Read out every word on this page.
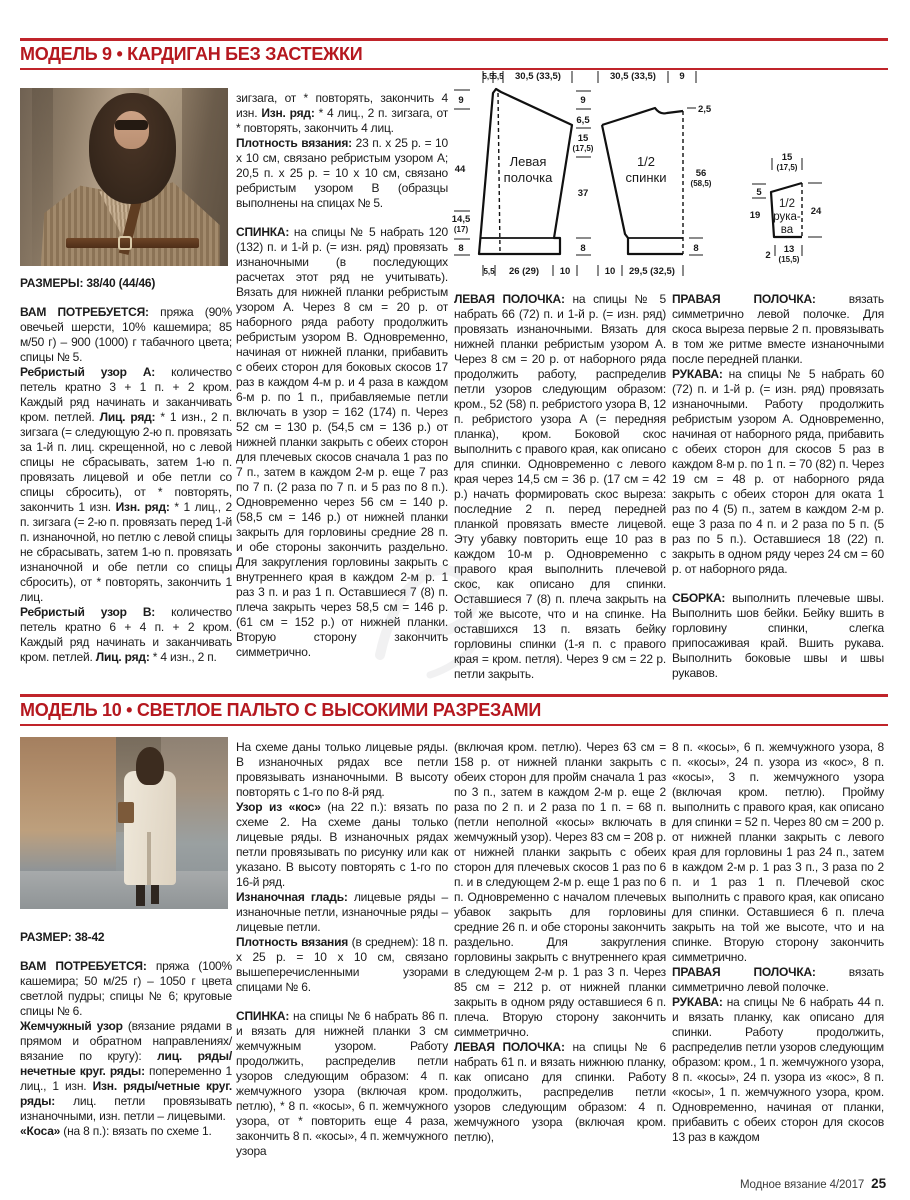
МОДЕЛЬ 9 • КАРДИГАН БЕЗ ЗАСТЕЖКИ

РАЗМЕРЫ: 38/40 (44/46)

ВАМ ПОТРЕБУЕТСЯ: пряжа (90% овечьей шерсти, 10% кашемира; 85 м/50 г) – 900 (1000) г табачного цвета; спицы № 5.

Ребристый узор А: количество петель кратно 3 + 1 п. + 2 кром. Каждый ряд начинать и заканчивать кром. петлей. Лиц. ряд: * 1 изн., 2 п. зигзага (= следующую 2-ю п. провязать за 1-й п. лиц. скрещенной, но с левой спицы не сбрасывать, затем 1-ю п. провязать лицевой и обе петли со спицы сбросить), от * повторять, закончить 1 изн. Изн. ряд: * 1 лиц., 2 п. зигзага (= 2-ю п. провязать перед 1-й п. изнаночной, но петлю с левой спицы не сбрасывать, затем 1-ю п. провязать изнаночной и обе петли со спицы сбросить), от * повторять, закончить 1 лиц.

Ребристый узор В: количество петель кратно 6 + 4 п. + 2 кром. Каждый ряд начинать и заканчивать кром. петлей. Лиц. ряд: * 4 изн., 2 п.

зигзага, от * повторять, закончить 4 изн. Изн. ряд: * 4 лиц., 2 п. зигзага, от * повторять, закончить 4 лиц.

Плотность вязания: 23 п. х 25 р. = 10 х 10 см, связано ребристым узором А; 20,5 п. х 25 р. = 10 х 10 см, связано ребристым узором В (образцы выполнены на спицах № 5.

СПИНКА: на спицы № 5 набрать 120 (132) п. и 1-й р. (= изн. ряд) провязать изнаночными (в последующих расчетах этот ряд не учитывать). Вязать для нижней планки ребристым узором А. Через 8 см = 20 р. от наборного ряда работу продолжить ребристым узором В. Одновременно, начиная от нижней планки, прибавить с обеих сторон для боковых скосов 17 раз в каждом 4-м р. и 4 раза в каждом 6-м р. по 1 п., прибавляемые петли включать в узор = 162 (174) п. Через 52 см = 130 р. (54,5 см = 136 р.) от нижней планки закрыть с обеих сторон для плечевых скосов сначала 1 раз по 7 п., затем в каждом 2-м р. еще 7 раз по 7 п. (2 раза по 7 п. и 5 раз по 8 п.). Одновременно через 56 см = 140 р. (58,5 см = 146 р.) от нижней планки закрыть для горловины средние 28 п. и обе стороны закончить раздельно. Для закругления горловины закрыть с внутреннего края в каждом 2-м р. 1 раз 3 п. и раз 1 п. Оставшиеся 7 (8) п. плеча закрыть через 58,5 см = 146 р. (61 см = 152 р.) от нижней планки. Вторую сторону закончить симметрично.

ЛЕВАЯ ПОЛОЧКА: на спицы № 5 набрать 66 (72) п. и 1-й р. (= изн. ряд) провязать изнаночными. Вязать для нижней планки ребристым узором А. Через 8 см = 20 р. от наборного ряда продолжить работу, распределив петли узоров следующим образом: кром., 52 (58) п. ребристого узора В, 12 п. ребристого узора А (= передняя планка), кром. Боковой скос выполнить с правого края, как описано для спинки. Одновременно с левого края через 14,5 см = 36 р. (17 см = 42 р.) начать формировать скос выреза: последние 2 п. перед передней планкой провязать вместе лицевой. Эту убавку повторить еще 10 раз в каждом 10-м р. Одновременно с правого края выполнить плечевой скос, как описано для спинки. Оставшиеся 7 (8) п. плеча закрыть на той же высоте, что и на спинке. На оставшихся 13 п. вязать бейку горловины спинки (1-я п. с правого края = кром. петля). Через 9 см = 22 р. петли закрыть.

ПРАВАЯ ПОЛОЧКА: вязать симметрично левой полочке. Для скоса выреза первые 2 п. провязывать в том же ритме вместе изнаночными после передней планки.

РУКАВА: на спицы № 5 набрать 60 (72) п. и 1-й р. (= изн. ряд) провязать изнаночными. Работу продолжить ребристым узором А. Одновременно, начиная от наборного ряда, прибавить с обеих сторон для скосов 5 раз в каждом 8-м р. по 1 п. = 70 (82) п. Через 19 см = 48 р. от наборного ряда закрыть с обеих сторон для оката 1 раз по 4 (5) п., затем в каждом 2-м р. еще 3 раза по 4 п. и 2 раза по 5 п. (5 раз по 5 п.). Оставшиеся 18 (22) п. закрыть в одном ряду через 24 см = 60 р. от наборного ряда.

СБОРКА: выполнить плечевые швы. Выполнить шов бейки. Бейку вшить в горловину спинки, слегка припосаживая край. Вшить рукава. Выполнить боковые швы и швы рукавов.

Левая
полочка
1/2
спинки
1/2
рука-
ва
5,5
5,5 30,5 (33,5)	30,5 (33,5) 9
9
44
14,5
(17)
8
9
6,5
15
(17,5)
37
8
2,5
56
(58,5)
8
5,5 26 (29) 10	10 29,5 (32,5)
15
(17,5)
5
19	24
2
13
(15,5)
МОДЕЛЬ 10 • СВЕТЛОЕ ПАЛЬТО С ВЫСОКИМИ РАЗРЕЗАМИ

РАЗМЕР: 38-42

ВАМ ПОТРЕБУЕТСЯ: пряжа (100% кашемира; 50 м/25 г) – 1050 г цвета светлой пудры; спицы № 6; круговые спицы № 6.

Жемчужный узор (вязание рядами в прямом и обратном направлениях/вязание по кругу): лиц. ряды/нечетные круг. ряды: попеременно 1 лиц., 1 изн. Изн. ряды/четные круг. ряды: лиц. петли провязывать изнаночными, изн. петли – лицевыми.

«Коса» (на 8 п.): вязать по схеме 1.

На схеме даны только лицевые ряды. В изнаночных рядах все петли провязывать изнаночными. В высоту повторять с 1-го по 8-й ряд.

Узор из «кос» (на 22 п.): вязать по схеме 2. На схеме даны только лицевые ряды. В изнаночных рядах петли провязывать по рисунку или как указано. В высоту повторять с 1-го по 16-й ряд.

Изнаночная гладь: лицевые ряды – изнаночные петли, изнаночные ряды – лицевые петли.

Плотность вязания (в среднем): 18 п. х 25 р. = 10 х 10 см, связано вышеперечисленными узорами спицами № 6.

СПИНКА: на спицы № 6 набрать 86 п. и вязать для нижней планки 3 см жемчужным узором. Работу продолжить, распределив петли узоров следующим образом: 4 п. жемчужного узора (включая кром. петлю), * 8 п. «косы», 6 п. жемчужного узора, от * повторить еще 4 раза, закончить 8 п. «косы», 4 п. жемчужного узора

(включая кром. петлю). Через 63 см = 158 р. от нижней планки закрыть с обеих сторон для пройм сначала 1 раз по 3 п., затем в каждом 2-м р. еще 2 раза по 2 п. и 2 раза по 1 п. = 68 п. (петли неполной «косы» включать в жемчужный узор). Через 83 см = 208 р. от нижней планки закрыть с обеих сторон для плечевых скосов 1 раз по 6 п. и в следующем 2-м р. еще 1 раз по 6 п. Одновременно с началом плечевых убавок закрыть для горловины средние 26 п. и обе стороны закончить раздельно. Для закругления горловины закрыть с внутреннего края в следующем 2-м р. 1 раз 3 п. Через 85 см = 212 р. от нижней планки закрыть в одном ряду оставшиеся 6 п. плеча. Вторую сторону закончить симметрично.

ЛЕВАЯ ПОЛОЧКА: на спицы № 6 набрать 61 п. и вязать нижнюю планку, как описано для спинки. Работу продолжить, распределив петли узоров следующим образом: 4 п. жемчужного узора (включая кром. петлю),

8 п. «косы», 6 п. жемчужного узора, 8 п. «косы», 24 п. узора из «кос», 8 п. «косы», 3 п. жемчужного узора (включая кром. петлю). Пройму выполнить с правого края, как описано для спинки = 52 п. Через 80 см = 200 р. от нижней планки закрыть с левого края для горловины 1 раз 24 п., затем в каждом 2-м р. 1 раз 3 п., 3 раза по 2 п. и 1 раз 1 п. Плечевой скос выполнить с правого края, как описано для спинки. Оставшиеся 6 п. плеча закрыть на той же высоте, что и на спинке. Вторую сторону закончить симметрично.

ПРАВАЯ ПОЛОЧКА: вязать симметрично левой полочке.

РУКАВА: на спицы № 6 набрать 44 п. и вязать планку, как описано для спинки. Работу продолжить, распределив петли узоров следующим образом: кром., 1 п. жемчужного узора, 8 п. «косы», 24 п. узора из «кос», 8 п. «косы», 1 п. жемчужного узора, кром. Одновременно, начиная от планки, прибавить с обеих сторон для скосов 13 раз в каждом

Модное вязание 4/2017 25
